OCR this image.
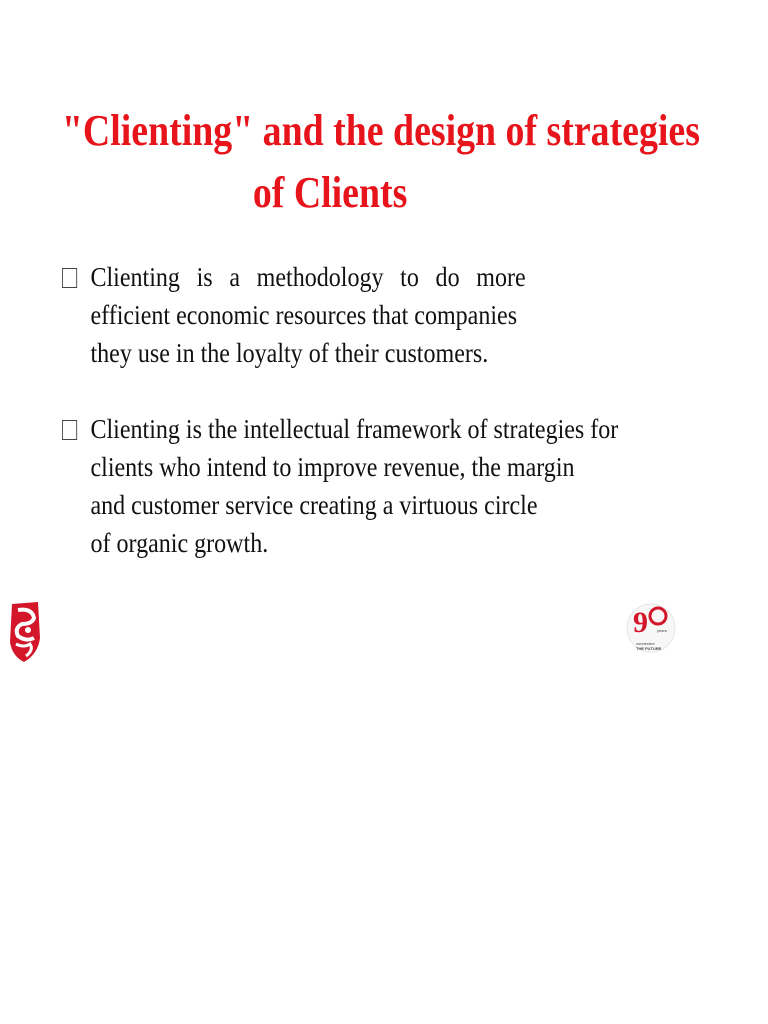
"Clienting" and the design of strategies
of Clients
Clienting is a methodology to do more
efficient economic resources that companies
they use in the loyalty of their customers.
Clienting is the intellectual framework of strategies for
clients who intend to improve revenue, the margin
and customer service creating a virtuous circle
of organic growth.
9 years
connected
THE FUTURE
